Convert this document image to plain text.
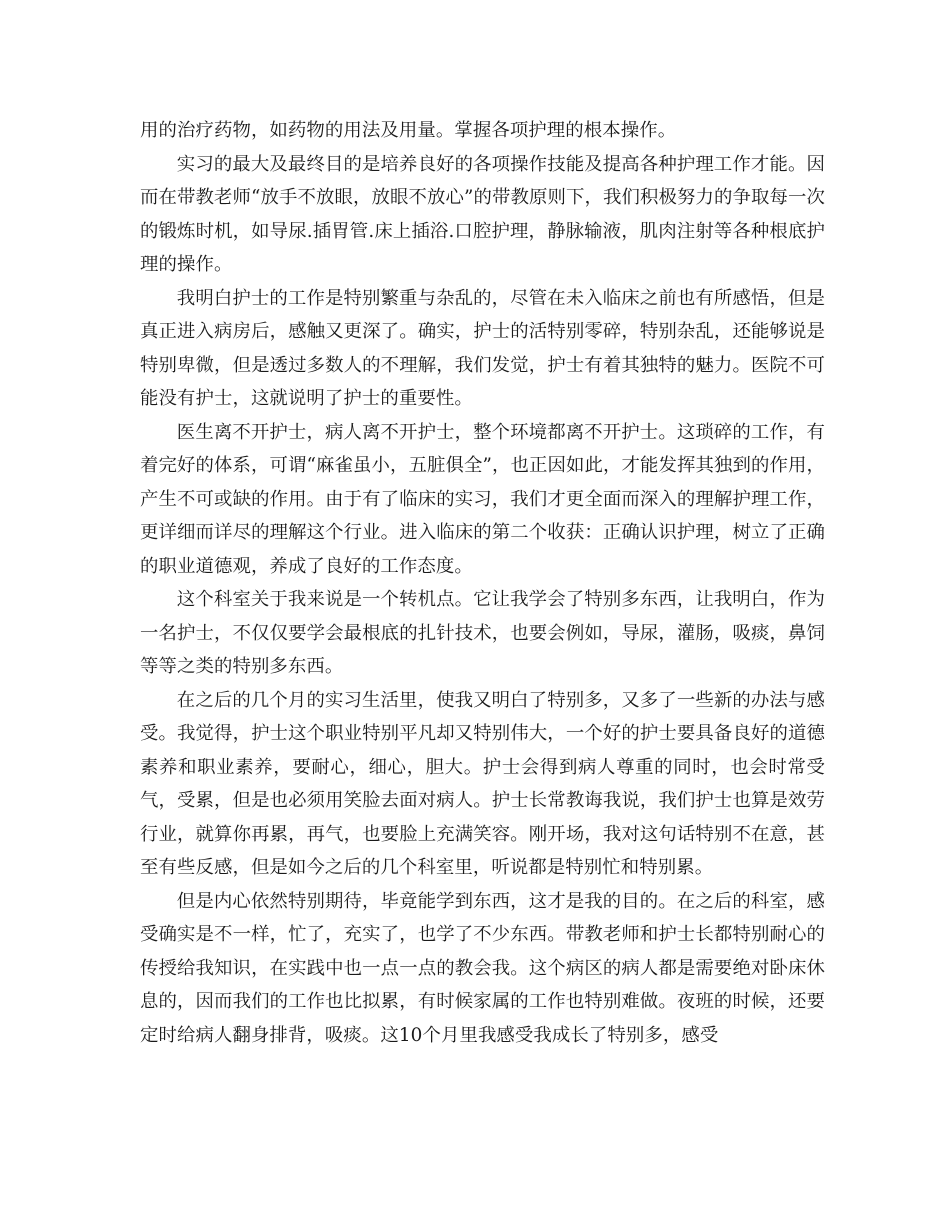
用的治疗药物，如药物的用法及用量。掌握各项护理的根本操作。

实习的最大及最终目的是培养良好的各项操作技能及提高各种护理工作才能。因而在带教老师“放手不放眼，放眼不放心”的带教原则下，我们积极努力的争取每一次的锻炼时机，如导尿.插胃管.床上插浴.口腔护理，静脉输液，肌肉注射等各种根底护理的操作。

我明白护士的工作是特别繁重与杂乱的，尽管在未入临床之前也有所感悟，但是真正进入病房后，感触又更深了。确实，护士的活特别零碎，特别杂乱，还能够说是特别卑微，但是透过多数人的不理解，我们发觉，护士有着其独特的魅力。医院不可能没有护士，这就说明了护士的重要性。

医生离不开护士，病人离不开护士，整个环境都离不开护士。这琐碎的工作，有着完好的体系，可谓“麻雀虽小，五脏俱全”，也正因如此，才能发挥其独到的作用，产生不可或缺的作用。由于有了临床的实习，我们才更全面而深入的理解护理工作，更详细而详尽的理解这个行业。进入临床的第二个收获：正确认识护理，树立了正确的职业道德观，养成了良好的工作态度。

这个科室关于我来说是一个转机点。它让我学会了特别多东西，让我明白，作为一名护士，不仅仅要学会最根底的扎针技术，也要会例如，导尿，灌肠，吸痰，鼻饲等等之类的特别多东西。

在之后的几个月的实习生活里，使我又明白了特别多，又多了一些新的办法与感受。我觉得，护士这个职业特别平凡却又特别伟大，一个好的护士要具备良好的道德素养和职业素养，要耐心，细心，胆大。护士会得到病人尊重的同时，也会时常受气，受累，但是也必须用笑脸去面对病人。护士长常教诲我说，我们护士也算是效劳行业，就算你再累，再气，也要脸上充满笑容。刚开场，我对这句话特别不在意，甚至有些反感，但是如今之后的几个科室里，听说都是特别忙和特别累。

但是内心依然特别期待，毕竟能学到东西，这才是我的目的。在之后的科室，感受确实是不一样，忙了，充实了，也学了不少东西。带教老师和护士长都特别耐心的传授给我知识，在实践中也一点一点的教会我。这个病区的病人都是需要绝对卧床休息的，因而我们的工作也比拟累，有时候家属的工作也特别难做。夜班的时候，还要定时给病人翻身排背，吸痰。这10个月里我感受我成长了特别多，感受
